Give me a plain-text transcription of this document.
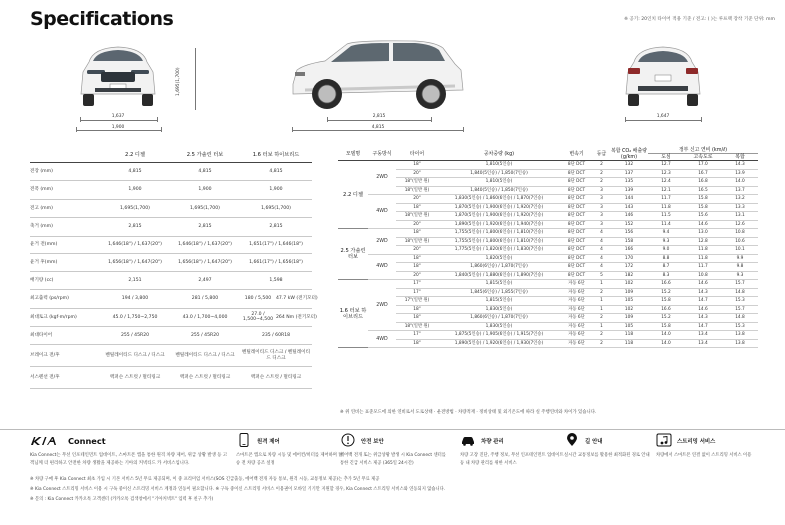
Specifications	※ 공기: 20인치 타이어 적용 기준 / 전고: ( )는 루프랙 장착 기준 단위: mm
1,695(1,700)
1,637
1,900
2,815
4,815
1,647
	2.2 디젤	2.5 가솔린 터보	1.6 터보 하이브리드	
전장 (mm)	4,815	4,815	4,815	
전폭 (mm)	1,900	1,900	1,900	
전고 (mm)	1,695(1,700)	1,695(1,700)	1,695(1,700)	
축거 (mm)	2,815	2,815	2,815	
윤거 전(mm)	1,646(18") / 1,637(20")	1,646(18") / 1,637(20")	1,651(17") / 1,646(18")	
윤거 후(mm)	1,656(18") / 1,647(20")	1,656(18") / 1,647(20")	1,661(17") / 1,656(18")	
배기량 (cc)	2,151	2,497	1,598	
최고출력 (ps/rpm)	194 / 3,800	281 / 5,800	180 / 5,500	47.7 kW (전기모터)
최대토크 (kgf·m/rpm)	45.0 / 1,750~2,750	43.0 / 1,700~4,000	27.0 / 1,500~4,500	264 Nm (전기모터)
최대타이어	255 / 45R20	255 / 45R20	235 / 60R18	
브레이크 전/후	벤틸레이티드 디스크 / 디스크	벤틸레이티드 디스크 / 디스크	벤틸레이티드 디스크 / 벤틸레이티드 디스크	
서스펜션 전/후	맥퍼슨 스트럿 / 멀티링크	맥퍼슨 스트럿 / 멀티링크	맥퍼슨 스트럿 / 멀티링크	
모델명	구동방식	타이어	공차중량 (kg)	변속기	등급	복합 CO₂ 배출량 (g/km)	정부 신고 연비 (km/ℓ)		
							도심	고속도로	복합
2.2 디젤	2WD	18"	1,810(5인승)	8단 DCT	2	132	12.7	17.0	14.3
		20"	1,840(5인승) / 1,850(7인승)	8단 DCT	2	137	12.3	16.7	13.9
		18"(일반 원)	1,810(5인승)	8단 DCT	2	135	12.4	16.8	14.0
		18"(일반 원)	1,840(5인승) / 1,850(7인승)	8단 DCT	3	139	12.1	16.5	13.7
	4WD	20"	1,830(5인승) / 1,860(6인승) / 1,870(7인승)	8단 DCT	3	144	11.7	15.8	13.2
		18"	1,870(5인승) / 1,900(6인승) / 1,920(7인승)	8단 DCT	3	143	11.8	15.8	13.3
		18"(일반 원)	1,870(5인승) / 1,900(6인승) / 1,920(7인승)	8단 DCT	3	146	11.5	15.6	13.1
		20"	1,890(5인승) / 1,920(6인승) / 1,940(7인승)	8단 DCT	3	152	11.4	14.6	12.6
2.5 가솔린 터보	2WD	18"	1,755(5인승) / 1,800(6인승) / 1,810(7인승)	8단 DCT	4	156	9.4	13.0	10.8
		18"(일반 원)	1,755(5인승) / 1,800(6인승) / 1,810(7인승)	8단 DCT	4	158	9.3	12.8	10.6
		20"	1,775(5인승) / 1,820(6인승) / 1,830(7인승)	8단 DCT	4	166	9.0	11.8	10.1
	4WD	18"	1,820(5인승)	8단 DCT	4	170	8.8	11.8	9.9
		18"	1,860(6인승) / 1,870(7인승)	8단 DCT	4	172	8.7	11.7	9.8
		20"	1,840(5인승) / 1,880(6인승) / 1,890(7인승)	8단 DCT	5	182	8.3	10.8	9.3
1.6 터보 하이브리드	2WD	17"	1,815(5인승)	자동 6단	1	102	16.6	14.6	15.7
		17"	1,845(6인승) / 1,855(7인승)	자동 6단	2	109	15.2	14.3	14.8
		17"(일반 원)	1,815(5인승)	자동 6단	1	105	15.8	14.7	15.3
		18"	1,830(5인승)	자동 6단	1	102	16.6	14.6	15.7
		18"	1,860(6인승) / 1,870(7인승)	자동 6단	2	109	15.2	14.3	14.8
		18"(일반 원)	1,830(5인승)	자동 6단	1	105	15.8	14.7	15.3
	4WD	17"	1,875(5인승) / 1,905(6인승) / 1,915(7인승)	자동 6단	2	118	14.0	13.4	13.8
		18"	1,890(5인승) / 1,920(6인승) / 1,930(7인승)	자동 6단	2	118	14.0	13.4	13.8
※ 위 연비는 표준모드에 의한 연비로서 도로상태 · 운전방법 · 차량적재 · 정비상태 및 외기온도에 따라 실 주행연비와 차이가 있습니다.
Connect
Kia Connect는 무선 인포테인먼트 업데이트, 스마트폰 앱을 통한 원격 차량 제어, 위급 상황 발생 등 고객님께 더 편리하고 안전한 차량 생활을 제공하는 기아의 커넥티드 카 서비스입니다.
원격 제어
스마트폰 앱으로 차량 시동 및 에어컨/히터를 제어하며 탑승 전 차량 공조 설정
안전 보안
에어백 전개 또는 위급상황 발생 시 Kia Connect 센터를 통한 긴급 서비스 제공 (365일 24시간)
차량 관리
차량 고장 진단, 주행 정보, 무선 인포테인먼트 업데이트 등 내 차량 관리를 위한 서비스
길 안내
실시간 교통정보를 활용한 최적화된 경로 안내
스트리밍 서비스
차량에서 스마트폰 연결 없이 스트리밍 서비스 이용
※ 차량 구매 후 Kia Connect 최초 가입 시 기본 서비스 5년 무료 제공되며, 이 중 프리미엄 서비스(SOS 긴급출동, 에어백 전개 자동 통보, 원격 시동, 교통정보 제공)는 추가 5년 무료 제공
※ Kia Connect 스트리밍 서비스 이용 시 구독 중이신 스트리밍 서비스 계정과 연동이 필요합니다. ※ 구독 중이신 스트리밍 서비스 이용권이 모바일 기기만 지원할 경우, Kia Connect 스트리밍 서비스와 연동되지 않습니다.
※ 문의 : Kia Connect 카카오톡 고객센터 (카카오톡 검색창에서 "기아커넥트" 입력 후 친구 추가)
